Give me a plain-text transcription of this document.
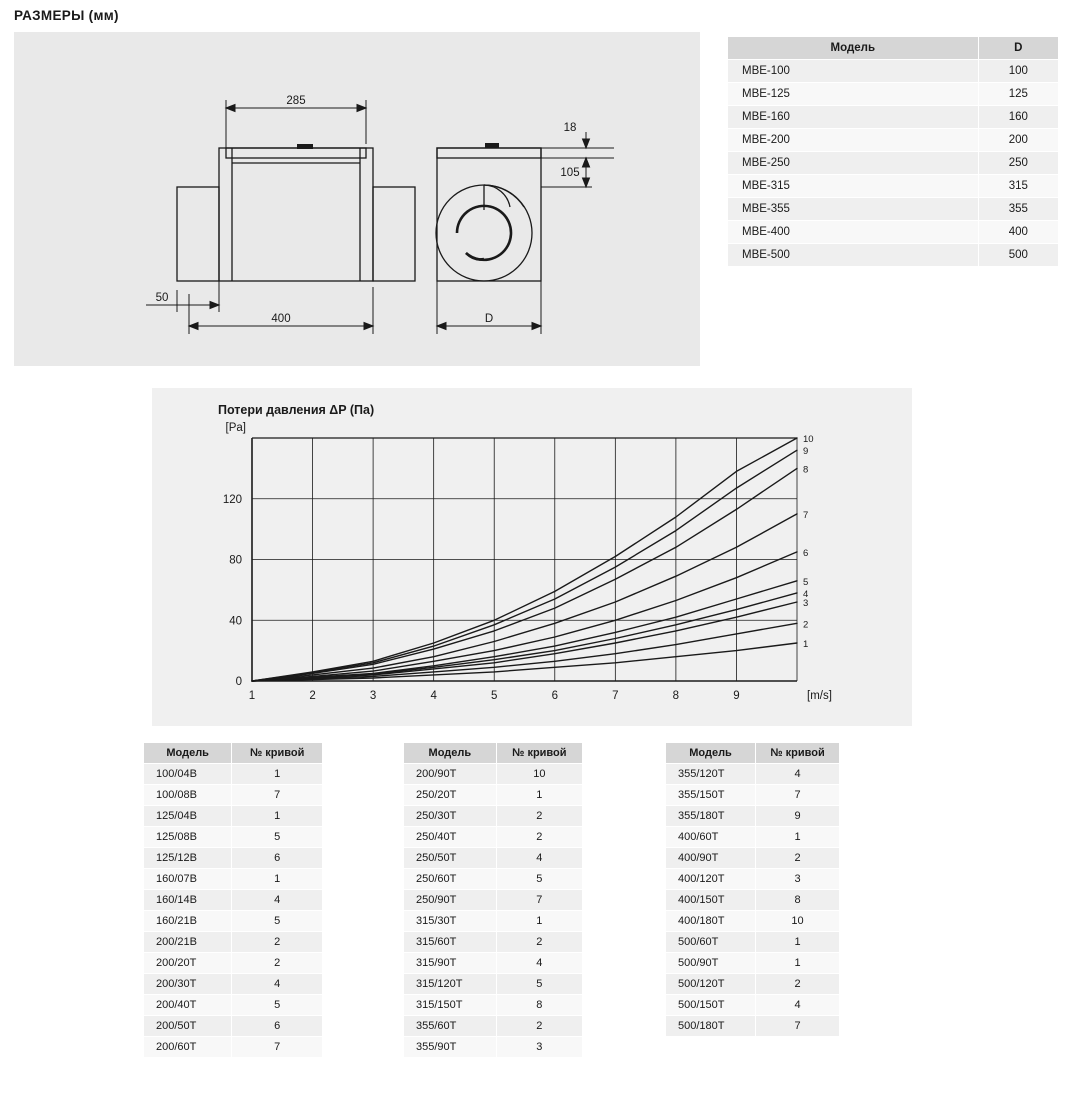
РАЗМЕРЫ (мм)
285
400
50
18
105
D
Модель	D
MBE-100	100
MBE-125	125
MBE-160	160
MBE-200	200
MBE-250	250
MBE-315	315
MBE-355	355
MBE-400	400
MBE-500	500
Потери давления ΔP (Па)
0
40
80
120
1	2	3	4	5	6	7	8	9
[Pa]
[m/s]
1
2
3
4
5
6
7
8
9
10
Модель	№ кривой
100/04B	1
100/08B	7
125/04B	1
125/08B	5
125/12B	6
160/07B	1
160/14B	4
160/21B	5
200/21B	2
200/20T	2
200/30T	4
200/40T	5
200/50T	6
200/60T	7
Модель	№ кривой
200/90T	10
250/20T	1
250/30T	2
250/40T	2
250/50T	4
250/60T	5
250/90T	7
315/30T	1
315/60T	2
315/90T	4
315/120T	5
315/150T	8
355/60T	2
355/90T	3
Модель	№ кривой
355/120T	4
355/150T	7
355/180T	9
400/60T	1
400/90T	2
400/120T	3
400/150T	8
400/180T	10
500/60T	1
500/90T	1
500/120T	2
500/150T	4
500/180T	7
